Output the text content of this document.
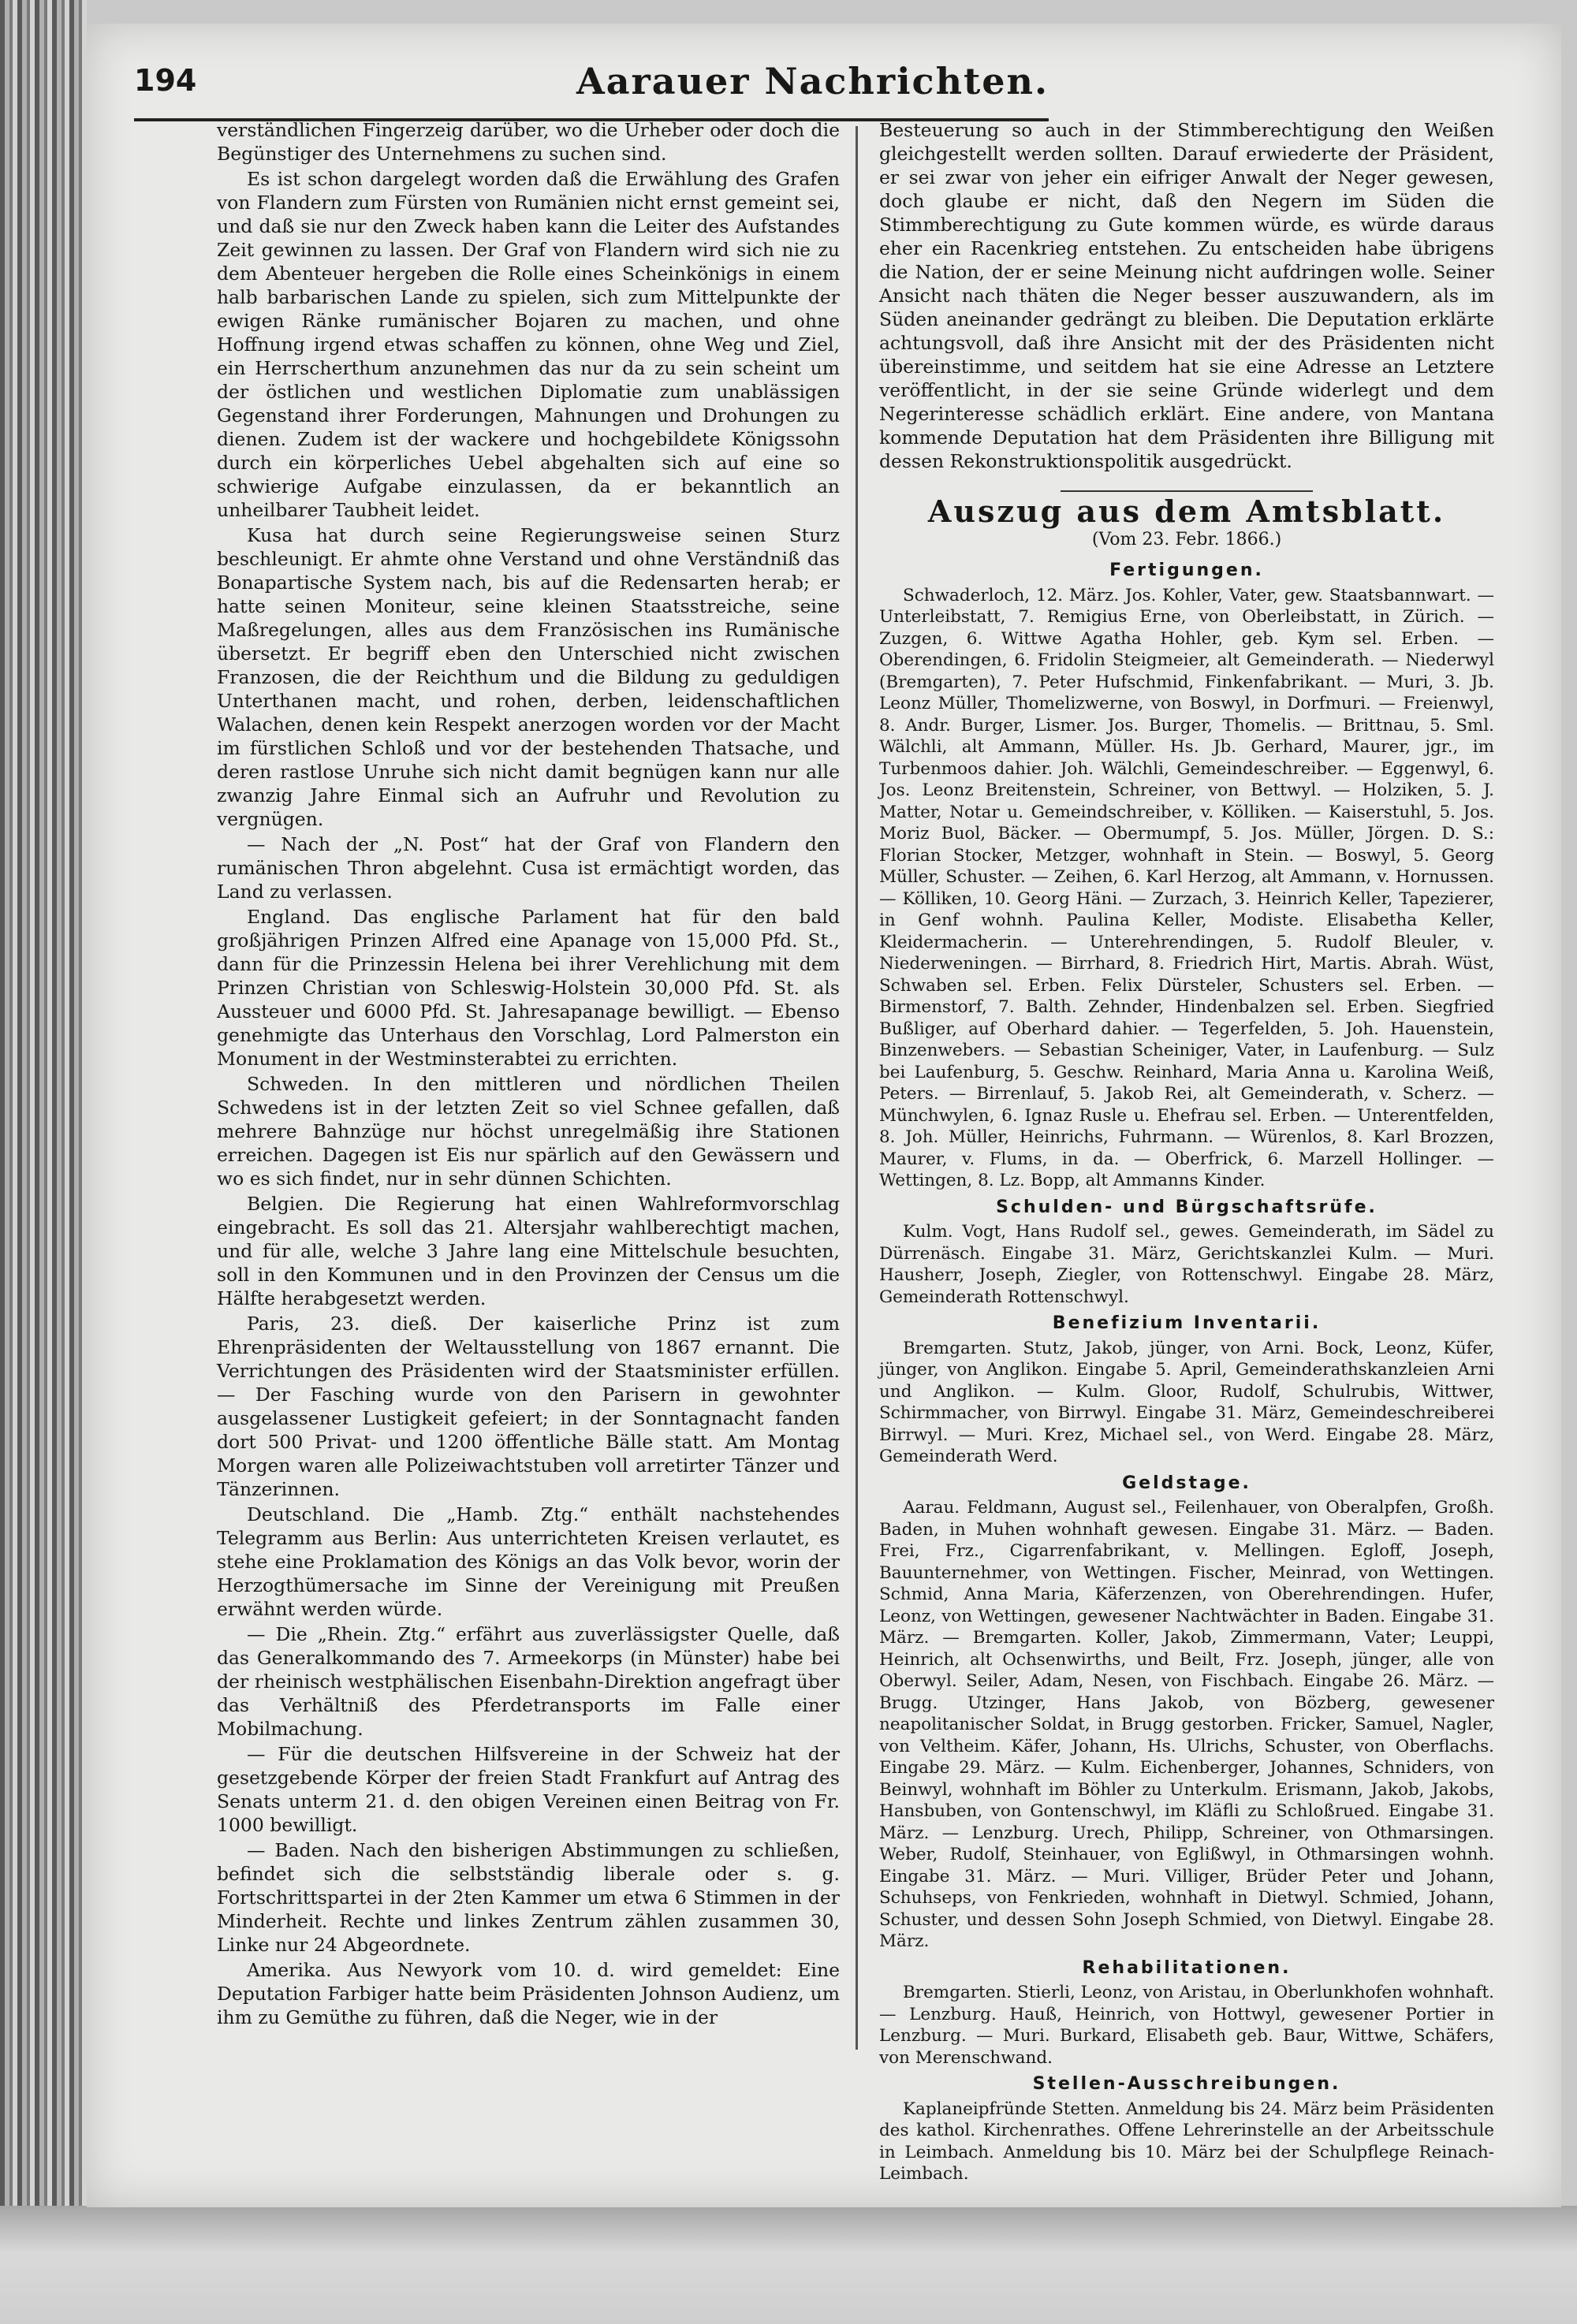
194	Aarauer Nachrichten.

verständlichen Fingerzeig darüber, wo die Urheber oder doch die Begünstiger des Unternehmens zu suchen sind.

Es ist schon dargelegt worden daß die Erwählung des Grafen von Flandern zum Fürsten von Rumänien nicht ernst gemeint sei, und daß sie nur den Zweck haben kann die Leiter des Aufstandes Zeit gewinnen zu lassen. Der Graf von Flandern wird sich nie zu dem Abenteuer hergeben die Rolle eines Scheinkönigs in einem halb barbarischen Lande zu spielen, sich zum Mittelpunkte der ewigen Ränke rumänischer Bojaren zu machen, und ohne Hoffnung irgend etwas schaffen zu können, ohne Weg und Ziel, ein Herrscherthum anzunehmen das nur da zu sein scheint um der östlichen und westlichen Diplomatie zum unablässigen Gegenstand ihrer Forderungen, Mahnungen und Drohungen zu dienen. Zudem ist der wackere und hochgebildete Königssohn durch ein körperliches Uebel abgehalten sich auf eine so schwierige Aufgabe einzulassen, da er bekanntlich an unheilbarer Taubheit leidet.

Kusa hat durch seine Regierungsweise seinen Sturz beschleunigt. Er ahmte ohne Verstand und ohne Verständniß das Bonapartische System nach, bis auf die Redensarten herab; er hatte seinen Moniteur, seine kleinen Staatsstreiche, seine Maßregelungen, alles aus dem Französischen ins Rumänische übersetzt. Er begriff eben den Unterschied nicht zwischen Franzosen, die der Reichthum und die Bildung zu geduldigen Unterthanen macht, und rohen, derben, leidenschaftlichen Walachen, denen kein Respekt anerzogen worden vor der Macht im fürstlichen Schloß und vor der bestehenden Thatsache, und deren rastlose Unruhe sich nicht damit begnügen kann nur alle zwanzig Jahre Einmal sich an Aufruhr und Revolution zu vergnügen.

— Nach der „N. Post“ hat der Graf von Flandern den rumänischen Thron abgelehnt. Cusa ist ermächtigt worden, das Land zu verlassen.

England. Das englische Parlament hat für den bald großjährigen Prinzen Alfred eine Apanage von 15,000 Pfd. St., dann für die Prinzessin Helena bei ihrer Verehlichung mit dem Prinzen Christian von Schleswig-Holstein 30,000 Pfd. St. als Aussteuer und 6000 Pfd. St. Jahresapanage bewilligt. — Ebenso genehmigte das Unterhaus den Vorschlag, Lord Palmerston ein Monument in der Westminsterabtei zu errichten.

Schweden. In den mittleren und nördlichen Theilen Schwedens ist in der letzten Zeit so viel Schnee gefallen, daß mehrere Bahnzüge nur höchst unregelmäßig ihre Stationen erreichen. Dagegen ist Eis nur spärlich auf den Gewässern und wo es sich findet, nur in sehr dünnen Schichten.

Belgien. Die Regierung hat einen Wahlreformvorschlag eingebracht. Es soll das 21. Altersjahr wahlberechtigt machen, und für alle, welche 3 Jahre lang eine Mittelschule besuchten, soll in den Kommunen und in den Provinzen der Census um die Hälfte herabgesetzt werden.

Paris, 23. dieß. Der kaiserliche Prinz ist zum Ehrenpräsidenten der Weltausstellung von 1867 ernannt. Die Verrichtungen des Präsidenten wird der Staatsminister erfüllen. — Der Fasching wurde von den Parisern in gewohnter ausgelassener Lustigkeit gefeiert; in der Sonntagnacht fanden dort 500 Privat- und 1200 öffentliche Bälle statt. Am Montag Morgen waren alle Polizeiwachtstuben voll arretirter Tänzer und Tänzerinnen.

Deutschland. Die „Hamb. Ztg.“ enthält nachstehendes Telegramm aus Berlin: Aus unterrichteten Kreisen verlautet, es stehe eine Proklamation des Königs an das Volk bevor, worin der Herzogthümersache im Sinne der Vereinigung mit Preußen erwähnt werden würde.

— Die „Rhein. Ztg.“ erfährt aus zuverlässigster Quelle, daß das Generalkommando des 7. Armeekorps (in Münster) habe bei der rheinisch westphälischen Eisenbahn-Direktion angefragt über das Verhältniß des Pferdetransports im Falle einer Mobilmachung.

— Für die deutschen Hilfsvereine in der Schweiz hat der gesetzgebende Körper der freien Stadt Frankfurt auf Antrag des Senats unterm 21. d. den obigen Vereinen einen Beitrag von Fr. 1000 bewilligt.

— Baden. Nach den bisherigen Abstimmungen zu schließen, befindet sich die selbstständig liberale oder s. g. Fortschrittspartei in der 2ten Kammer um etwa 6 Stimmen in der Minderheit. Rechte und linkes Zentrum zählen zusammen 30, Linke nur 24 Abgeordnete.

Amerika. Aus Newyork vom 10. d. wird gemeldet: Eine Deputation Farbiger hatte beim Präsidenten Johnson Audienz, um ihm zu Gemüthe zu führen, daß die Neger, wie in der

Besteuerung so auch in der Stimmberechtigung den Weißen gleichgestellt werden sollten. Darauf erwiederte der Präsident, er sei zwar von jeher ein eifriger Anwalt der Neger gewesen, doch glaube er nicht, daß den Negern im Süden die Stimmberechtigung zu Gute kommen würde, es würde daraus eher ein Racenkrieg entstehen. Zu entscheiden habe übrigens die Nation, der er seine Meinung nicht aufdringen wolle. Seiner Ansicht nach thäten die Neger besser auszuwandern, als im Süden aneinander gedrängt zu bleiben. Die Deputation erklärte achtungsvoll, daß ihre Ansicht mit der des Präsidenten nicht übereinstimme, und seitdem hat sie eine Adresse an Letztere veröffentlicht, in der sie seine Gründe widerlegt und dem Negerinteresse schädlich erklärt. Eine andere, von Mantana kommende Deputation hat dem Präsidenten ihre Billigung mit dessen Rekonstruktionspolitik ausgedrückt.

Auszug aus dem Amtsblatt.
(Vom 23. Febr. 1866.)
Fertigungen.

Schwaderloch, 12. März. Jos. Kohler, Vater, gew. Staatsbannwart. — Unterleibstatt, 7. Remigius Erne, von Oberleibstatt, in Zürich. — Zuzgen, 6. Wittwe Agatha Hohler, geb. Kym sel. Erben. — Oberendingen, 6. Fridolin Steigmeier, alt Gemeinderath. — Niederwyl (Bremgarten), 7. Peter Hufschmid, Finkenfabrikant. — Muri, 3. Jb. Leonz Müller, Thomelizwerne, von Boswyl, in Dorfmuri. — Freienwyl, 8. Andr. Burger, Lismer. Jos. Burger, Thomelis. — Brittnau, 5. Sml. Wälchli, alt Ammann, Müller. Hs. Jb. Gerhard, Maurer, jgr., im Turbenmoos dahier. Joh. Wälchli, Gemeindeschreiber. — Eggenwyl, 6. Jos. Leonz Breitenstein, Schreiner, von Bettwyl. — Holziken, 5. J. Matter, Notar u. Gemeindschreiber, v. Kölliken. — Kaiserstuhl, 5. Jos. Moriz Buol, Bäcker. — Obermumpf, 5. Jos. Müller, Jörgen. D. S.: Florian Stocker, Metzger, wohnhaft in Stein. — Boswyl, 5. Georg Müller, Schuster. — Zeihen, 6. Karl Herzog, alt Ammann, v. Hornussen. — Kölliken, 10. Georg Häni. — Zurzach, 3. Heinrich Keller, Tapezierer, in Genf wohnh. Paulina Keller, Modiste. Elisabetha Keller, Kleidermacherin. — Unterehrendingen, 5. Rudolf Bleuler, v. Niederweningen. — Birrhard, 8. Friedrich Hirt, Martis. Abrah. Wüst, Schwaben sel. Erben. Felix Dürsteler, Schusters sel. Erben. — Birmenstorf, 7. Balth. Zehnder, Hindenbalzen sel. Erben. Siegfried Bußliger, auf Oberhard dahier. — Tegerfelden, 5. Joh. Hauenstein, Binzenwebers. — Sebastian Scheiniger, Vater, in Laufenburg. — Sulz bei Laufenburg, 5. Geschw. Reinhard, Maria Anna u. Karolina Weiß, Peters. — Birrenlauf, 5. Jakob Rei, alt Gemeinderath, v. Scherz. — Münchwylen, 6. Ignaz Rusle u. Ehefrau sel. Erben. — Unterentfelden, 8. Joh. Müller, Heinrichs, Fuhrmann. — Würenlos, 8. Karl Brozzen, Maurer, v. Flums, in da. — Oberfrick, 6. Marzell Hollinger. — Wettingen, 8. Lz. Bopp, alt Ammanns Kinder.

Schulden- und Bürgschaftsrüfe.

Kulm. Vogt, Hans Rudolf sel., gewes. Gemeinderath, im Sädel zu Dürrenäsch. Eingabe 31. März, Gerichtskanzlei Kulm. — Muri. Hausherr, Joseph, Ziegler, von Rottenschwyl. Eingabe 28. März, Gemeinderath Rottenschwyl.

Benefizium Inventarii.

Bremgarten. Stutz, Jakob, jünger, von Arni. Bock, Leonz, Küfer, jünger, von Anglikon. Eingabe 5. April, Gemeinderathskanzleien Arni und Anglikon. — Kulm. Gloor, Rudolf, Schulrubis, Wittwer, Schirmmacher, von Birrwyl. Eingabe 31. März, Gemeindeschreiberei Birrwyl. — Muri. Krez, Michael sel., von Werd. Eingabe 28. März, Gemeinderath Werd.

Geldstage.

Aarau. Feldmann, August sel., Feilenhauer, von Oberalpfen, Großh. Baden, in Muhen wohnhaft gewesen. Eingabe 31. März. — Baden. Frei, Frz., Cigarrenfabrikant, v. Mellingen. Egloff, Joseph, Bauunternehmer, von Wettingen. Fischer, Meinrad, von Wettingen. Schmid, Anna Maria, Käferzenzen, von Oberehrendingen. Hufer, Leonz, von Wettingen, gewesener Nachtwächter in Baden. Eingabe 31. März. — Bremgarten. Koller, Jakob, Zimmermann, Vater; Leuppi, Heinrich, alt Ochsenwirths, und Beilt, Frz. Joseph, jünger, alle von Oberwyl. Seiler, Adam, Nesen, von Fischbach. Eingabe 26. März. — Brugg. Utzinger, Hans Jakob, von Bözberg, gewesener neapolitanischer Soldat, in Brugg gestorben. Fricker, Samuel, Nagler, von Veltheim. Käfer, Johann, Hs. Ulrichs, Schuster, von Oberflachs. Eingabe 29. März. — Kulm. Eichenberger, Johannes, Schniders, von Beinwyl, wohnhaft im Böhler zu Unterkulm. Erismann, Jakob, Jakobs, Hansbuben, von Gontenschwyl, im Kläfli zu Schloßrued. Eingabe 31. März. — Lenzburg. Urech, Philipp, Schreiner, von Othmarsingen. Weber, Rudolf, Steinhauer, von Eglißwyl, in Othmarsingen wohnh. Eingabe 31. März. — Muri. Villiger, Brüder Peter und Johann, Schuhseps, von Fenkrieden, wohnhaft in Dietwyl. Schmied, Johann, Schuster, und dessen Sohn Joseph Schmied, von Dietwyl. Eingabe 28. März.

Rehabilitationen.

Bremgarten. Stierli, Leonz, von Aristau, in Oberlunkhofen wohnhaft. — Lenzburg. Hauß, Heinrich, von Hottwyl, gewesener Portier in Lenzburg. — Muri. Burkard, Elisabeth geb. Baur, Wittwe, Schäfers, von Merenschwand.

Stellen-Ausschreibungen.

Kaplaneipfründe Stetten. Anmeldung bis 24. März beim Präsidenten des kathol. Kirchenrathes. Offene Lehrerinstelle an der Arbeitsschule in Leimbach. Anmeldung bis 10. März bei der Schulpflege Reinach-Leimbach.
